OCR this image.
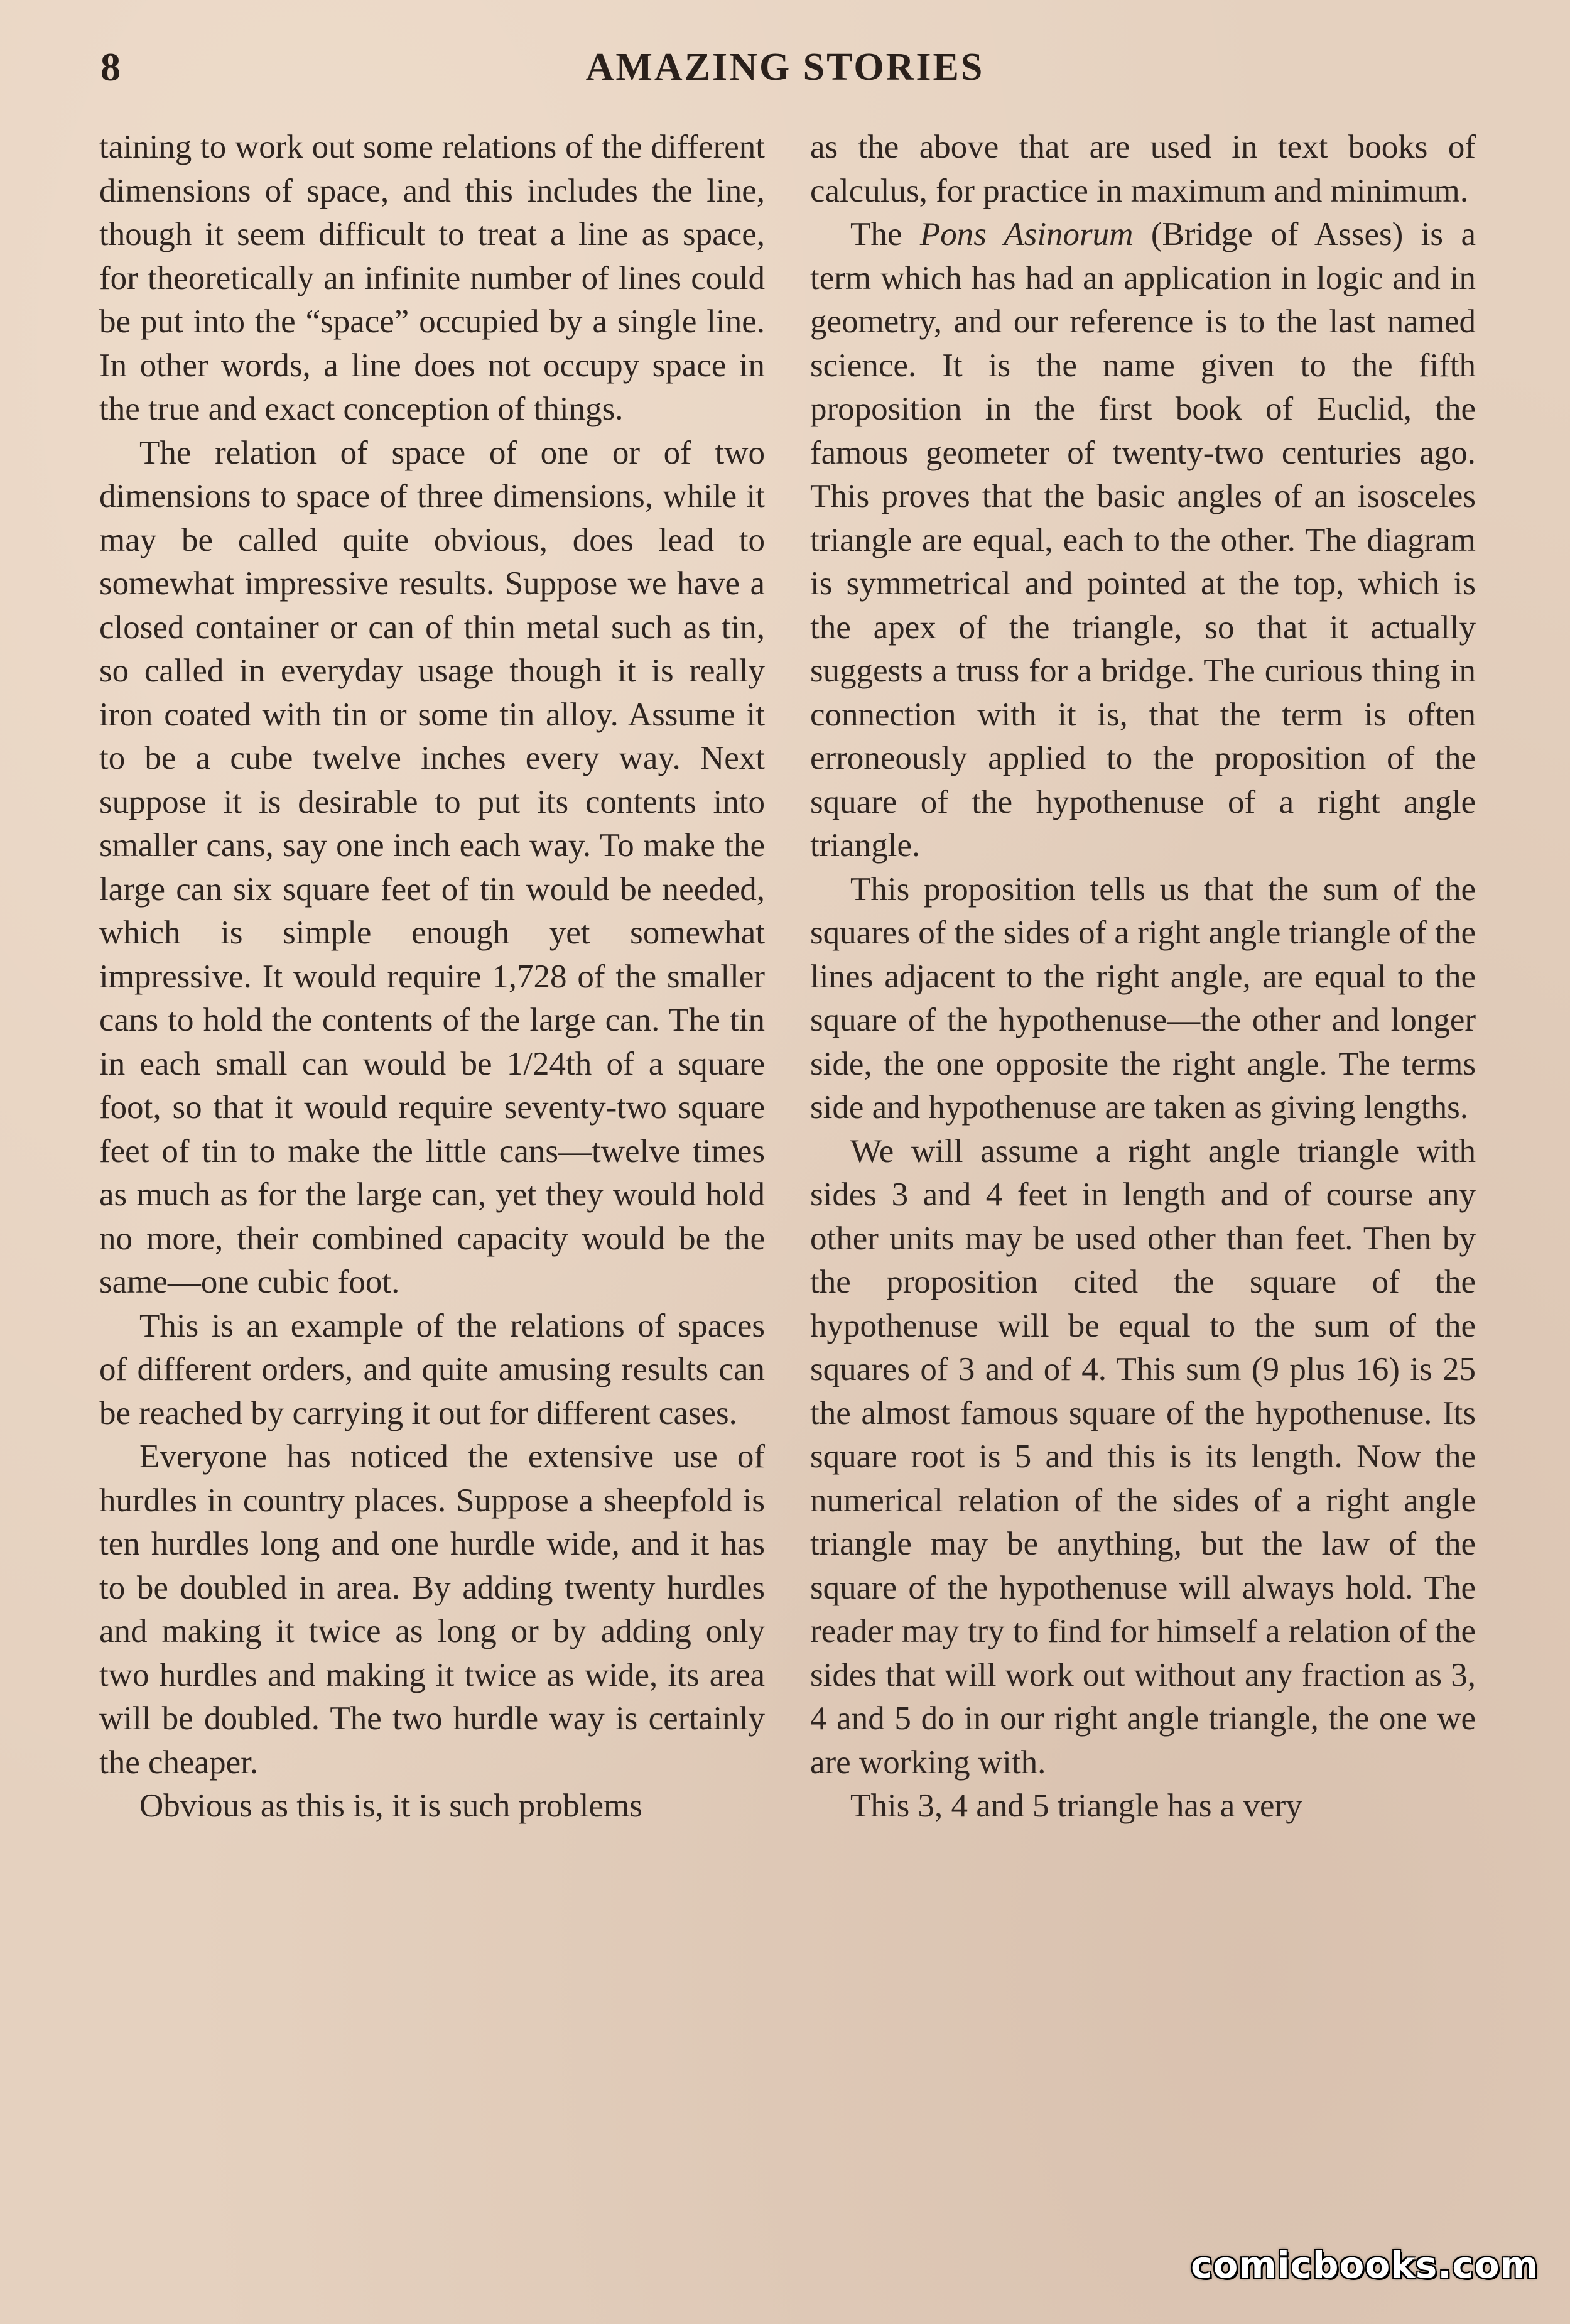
8	AMAZING STORIES

taining to work out some relations of the different dimensions of space, and this includes the line, though it seem difficult to treat a line as space, for theoretically an infinite number of lines could be put into the “space” occupied by a single line. In other words, a line does not occupy space in the true and exact conception of things.

The relation of space of one or of two dimensions to space of three dimensions, while it may be called quite obvious, does lead to somewhat impressive results. Suppose we have a closed container or can of thin metal such as tin, so called in everyday usage though it is really iron coated with tin or some tin alloy. Assume it to be a cube twelve inches every way. Next suppose it is desirable to put its contents into smaller cans, say one inch each way. To make the large can six square feet of tin would be needed, which is simple enough yet somewhat impressive. It would require 1,728 of the smaller cans to hold the contents of the large can. The tin in each small can would be 1/24th of a square foot, so that it would require seventy-two square feet of tin to make the little cans—twelve times as much as for the large can, yet they would hold no more, their combined capacity would be the same—one cubic foot.

This is an example of the relations of spaces of different orders, and quite amusing results can be reached by carrying it out for different cases.

Everyone has noticed the extensive use of hurdles in country places. Suppose a sheepfold is ten hurdles long and one hurdle wide, and it has to be doubled in area. By adding twenty hurdles and making it twice as long or by adding only two hurdles and making it twice as wide, its area will be doubled. The two hurdle way is certainly the cheaper.

Obvious as this is, it is such problems

as the above that are used in text books of calculus, for practice in maximum and minimum.

The Pons Asinorum (Bridge of Asses) is a term which has had an application in logic and in geometry, and our reference is to the last named science. It is the name given to the fifth proposition in the first book of Euclid, the famous geometer of twenty-two centuries ago. This proves that the basic angles of an isosceles triangle are equal, each to the other. The diagram is symmetrical and pointed at the top, which is the apex of the triangle, so that it actually suggests a truss for a bridge. The curious thing in connection with it is, that the term is often erroneously applied to the proposition of the square of the hypothenuse of a right angle triangle.

This proposition tells us that the sum of the squares of the sides of a right angle triangle of the lines adjacent to the right angle, are equal to the square of the hypothenuse—the other and longer side, the one opposite the right angle. The terms side and hypothenuse are taken as giving lengths.

We will assume a right angle triangle with sides 3 and 4 feet in length and of course any other units may be used other than feet. Then by the proposition cited the square of the hypothenuse will be equal to the sum of the squares of 3 and of 4. This sum (9 plus 16) is 25 the almost famous square of the hypothenuse. Its square root is 5 and this is its length. Now the numerical relation of the sides of a right angle triangle may be anything, but the law of the square of the hypothenuse will always hold. The reader may try to find for himself a relation of the sides that will work out without any fraction as 3, 4 and 5 do in our right angle triangle, the one we are working with.

This 3, 4 and 5 triangle has a very

comicbooks.com
